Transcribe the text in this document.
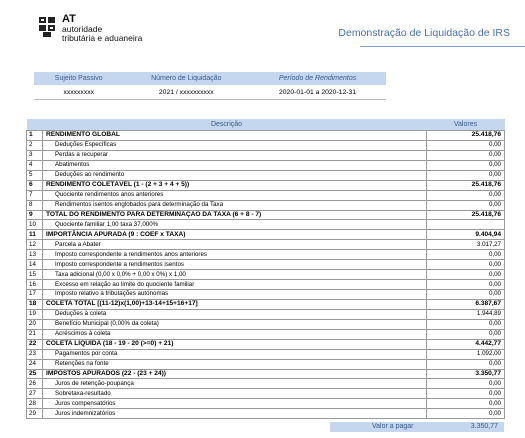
AT
autoridade
tributária e aduaneira	Demonstração de Liquidação de IRS
Sujeito Passivo	Número de Liquidação	Período de Rendimentos
xxxxxxxxx	2021 / xxxxxxxxxx	2020-01-01 a 2020-12-31
Descrição		Valores
1	RENDIMENTO GLOBAL	25.418,76
2	Deduções Específicas	0,00
3	Perdas a recuperar	0,00
4	Abatimentos	0,00
5	Deduções ao rendimento	0,00
6	RENDIMENTO COLETÁVEL (1 - (2 + 3 + 4 + 5))	25.418,76
7	Quociente rendimentos anos anteriores	0,00
8	Rendimentos isentos englobados para determinação da Taxa	0,00
9	TOTAL DO RENDIMENTO PARA DETERMINAÇÃO DA TAXA (6 + 8 - 7)	25.418,76
10	Quociente familiar 1,00 taxa 37,000%	
11	IMPORTÂNCIA APURADA (9 : COEF x TAXA)	9.404,94
12	Parcela a Abater	3.017,27
13	Imposto correspondente a rendimentos anos anteriores	0,00
14	Imposto correspondente a rendimentos isentos	0,00
15	Taxa adicional (0,00 x 0,0% + 0,00 x 0%) x 1,00	0,00
16	Excesso em relação ao limite do quociente familiar	0,00
17	Imposto relativo a tributações autónomas	0,00
18	COLETA TOTAL [(11-12)x(1,00)+13-14+15+16+17]	6.387,67
19	Deduções à coleta	1.944,89
20	Benefício Municipal (0,00% da coleta)	0,00
21	Acréscimos à coleta	0,00
22	COLETA LÍQUIDA (18 - 19 - 20 (>=0) + 21)	4.442,77
23	Pagamentos por conta	1.092,00
24	Retenções na fonte	0,00
25	IMPOSTOS APURADOS (22 - (23 + 24))	3.350,77
26	Juros de retenção-poupança	0,00
27	Sobretaxa-resultado	0,00
28	Juros compensatórios	0,00
29	Juros indemnizatórios	0,00
Valor a pagar	3.350,77
